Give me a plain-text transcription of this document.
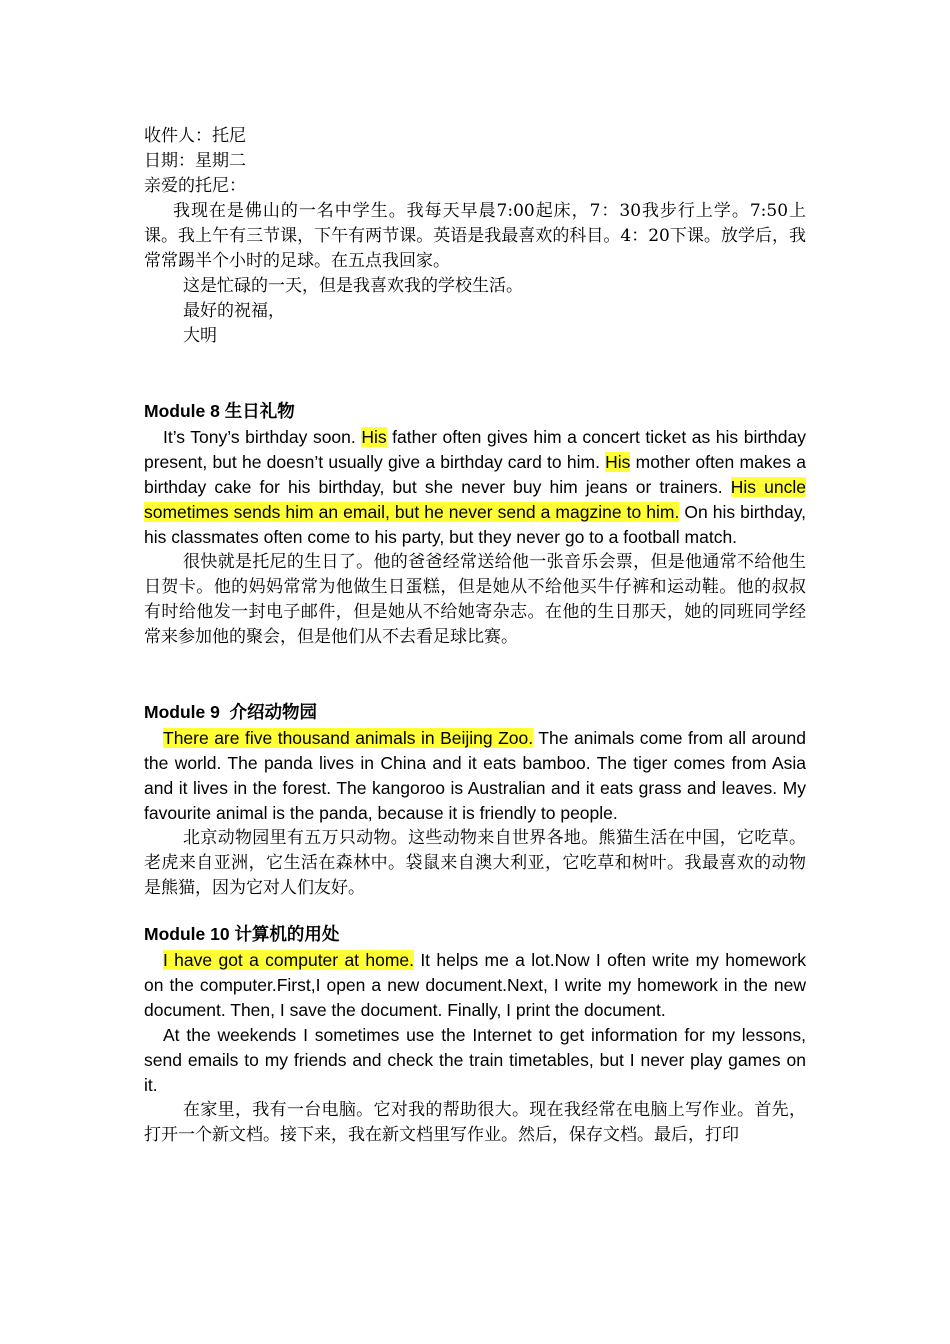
收件人：托尼

日期：星期二

亲爱的托尼：

我现在是佛山的一名中学生。我每天早晨7:00起床，7：30我步行上学。7:50上课。我上午有三节课，下午有两节课。英语是我最喜欢的科目。4：20下课。放学后，我常常踢半个小时的足球。在五点我回家。

这是忙碌的一天，但是我喜欢我的学校生活。

最好的祝福，

大明

Module 8 生日礼物

It’s Tony’s birthday soon. His father often gives him a concert ticket as his birthday present, but he doesn’t usually give a birthday card to him. His mother often makes a birthday cake for his birthday, but she never buy him jeans or trainers. His uncle sometimes sends him an email, but he never send a magzine to him. On his birthday, his classmates often come to his party, but they never go to a football match.

很快就是托尼的生日了。他的爸爸经常送给他一张音乐会票，但是他通常不给他生日贺卡。他的妈妈常常为他做生日蛋糕，但是她从不给他买牛仔裤和运动鞋。他的叔叔有时给他发一封电子邮件，但是她从不给她寄杂志。在他的生日那天，她的同班同学经常来参加他的聚会，但是他们从不去看足球比赛。

Module 9  介绍动物园

There are five thousand animals in Beijing Zoo. The animals come from all around the world. The panda lives in China and it eats bamboo. The tiger comes from Asia and it lives in the forest. The kangoroo is Australian and it eats grass and leaves. My favourite animal is the panda, because it is friendly to people.

北京动物园里有五万只动物。这些动物来自世界各地。熊猫生活在中国，它吃草。老虎来自亚洲，它生活在森林中。袋鼠来自澳大利亚，它吃草和树叶。我最喜欢的动物是熊猫，因为它对人们友好。

Module 10 计算机的用处

I have got a computer at home. It helps me a lot.Now I often write my homework on the computer.First,I open a new document.Next, I write my homework in the new document. Then, I save the document. Finally, I print the document.

At the weekends I sometimes use the Internet to get information for my lessons, send emails to my friends and check the train timetables, but I never play games on it.

在家里，我有一台电脑。它对我的帮助很大。现在我经常在电脑上写作业。首先，打开一个新文档。接下来，我在新文档里写作业。然后，保存文档。最后，打印
